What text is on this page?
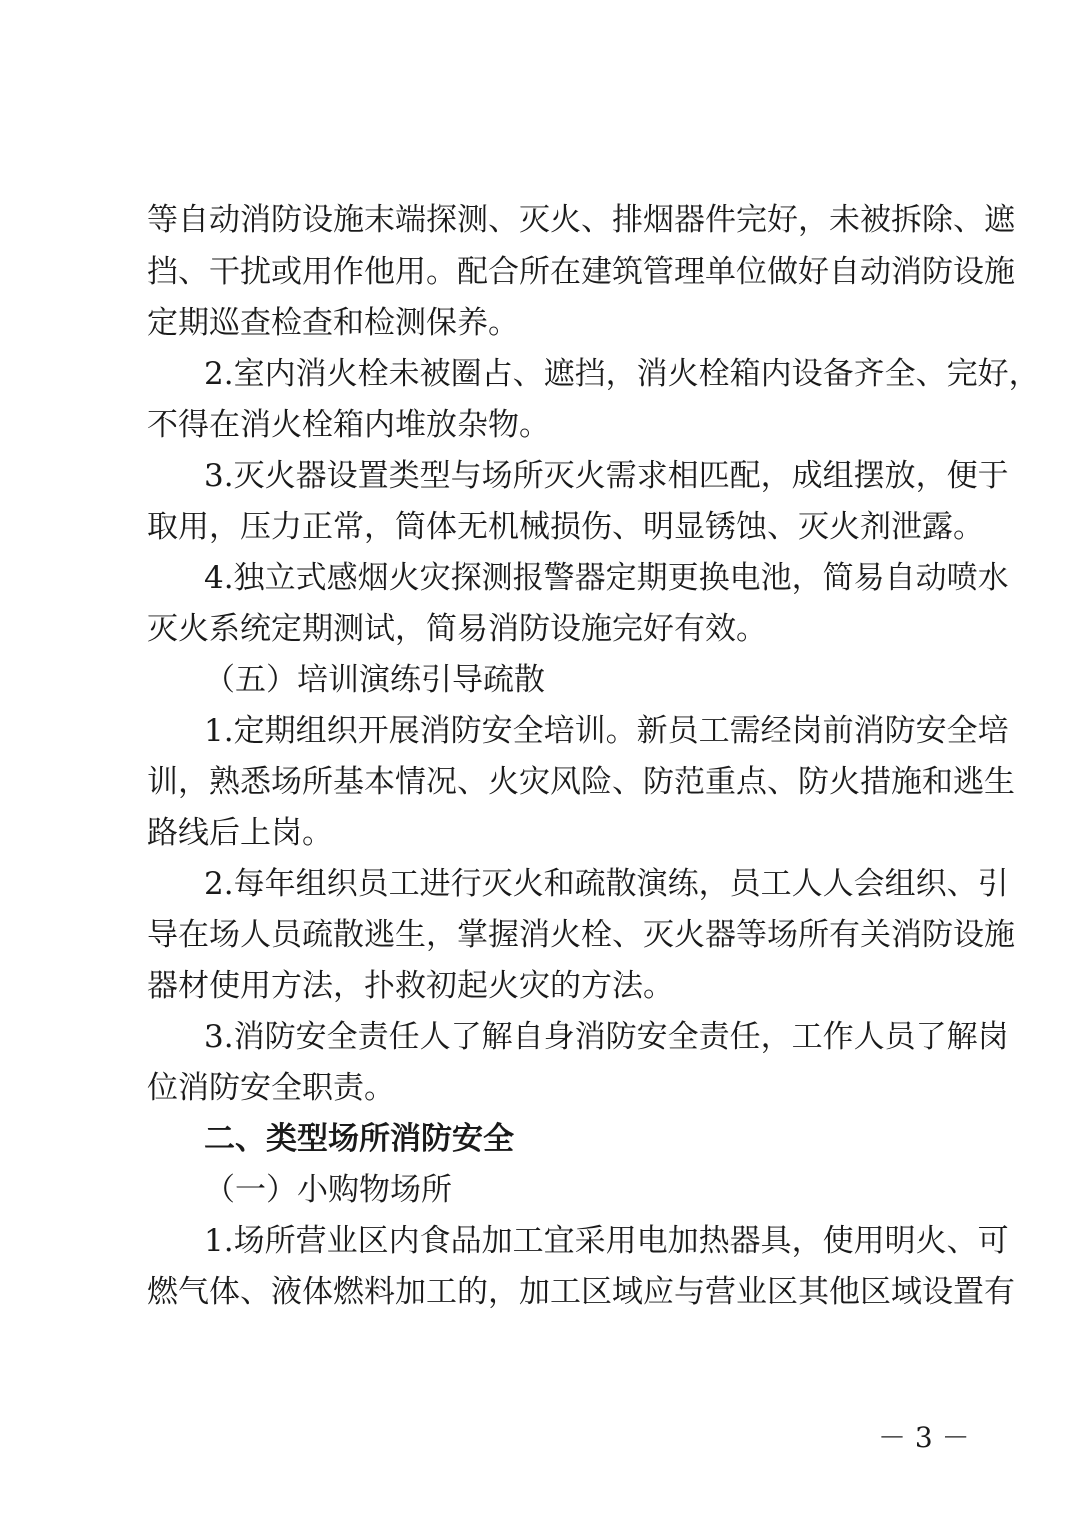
等自动消防设施末端探测、灭火、排烟器件完好，未被拆除、遮
挡、干扰或用作他用。配合所在建筑管理单位做好自动消防设施
定期巡查检查和检测保养。
2.室内消火栓未被圈占、遮挡，消火栓箱内设备齐全、完好，
不得在消火栓箱内堆放杂物。
3.灭火器设置类型与场所灭火需求相匹配，成组摆放，便于
取用，压力正常，筒体无机械损伤、明显锈蚀、灭火剂泄露。
4.独立式感烟火灾探测报警器定期更换电池，简易自动喷水
灭火系统定期测试，简易消防设施完好有效。
（五）培训演练引导疏散
1.定期组织开展消防安全培训。新员工需经岗前消防安全培
训，熟悉场所基本情况、火灾风险、防范重点、防火措施和逃生
路线后上岗。
2.每年组织员工进行灭火和疏散演练，员工人人会组织、引
导在场人员疏散逃生，掌握消火栓、灭火器等场所有关消防设施
器材使用方法，扑救初起火灾的方法。
3.消防安全责任人了解自身消防安全责任，工作人员了解岗
位消防安全职责。
二、类型场所消防安全
（一）小购物场所
1.场所营业区内食品加工宜采用电加热器具，使用明火、可
燃气体、液体燃料加工的，加工区域应与营业区其他区域设置有
－ 3 －
